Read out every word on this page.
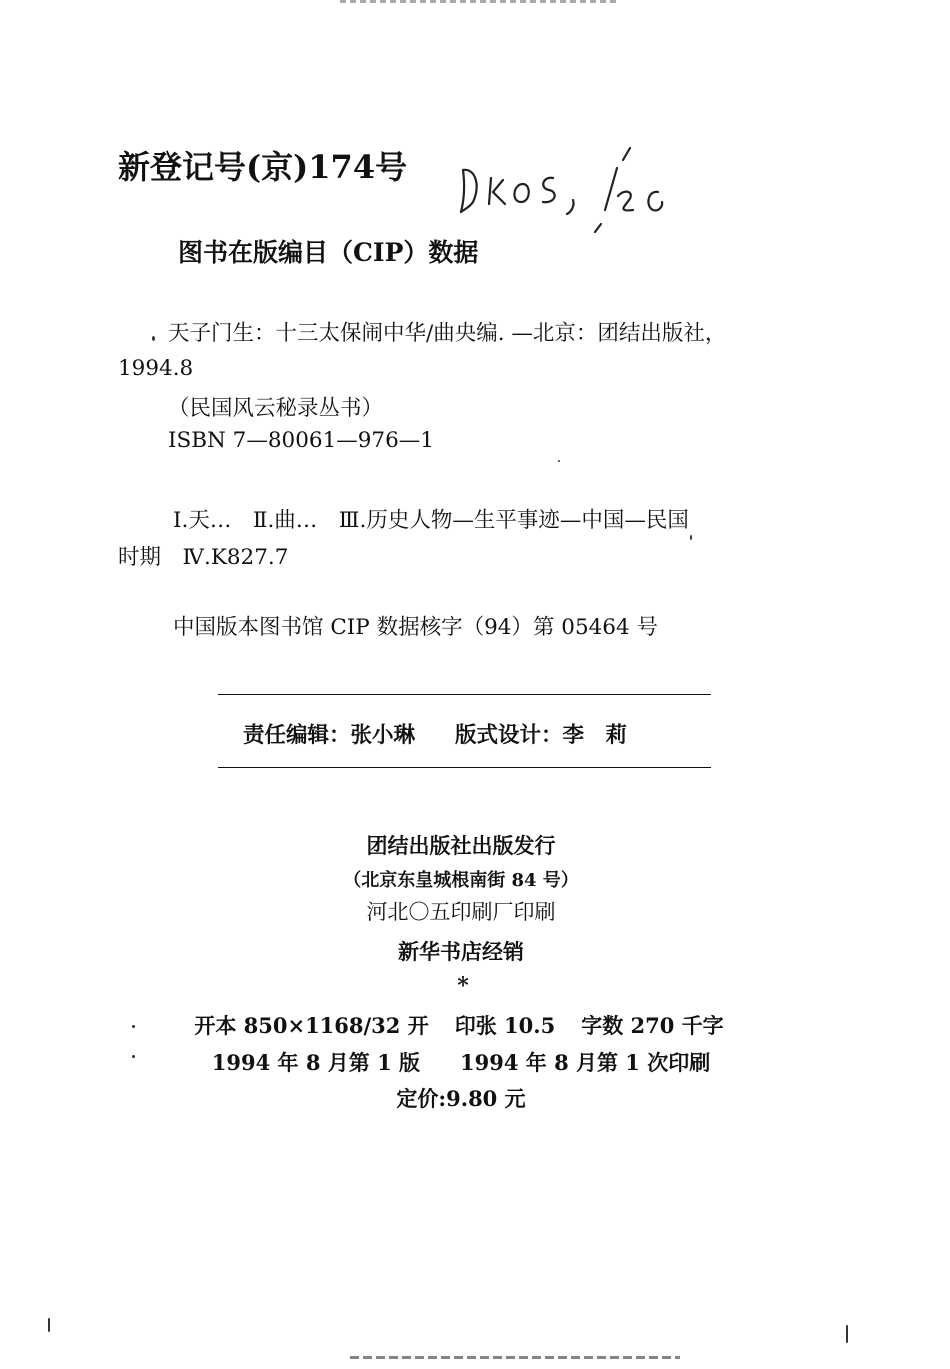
新登记号(京)174号
图书在版编目（CIP）数据
天子门生：十三太保闹中华/曲央编. —北京：团结出版社，
1994.8
（民国风云秘录丛书）
ISBN 7—80061—976—1
Ⅰ.天…　Ⅱ.曲…　Ⅲ.历史人物—生平事迹—中国—民国
时期　Ⅳ.K827.7
中国版本图书馆 CIP 数据核字（94）第 05464 号
责任编辑：张小琳 版式设计：李　莉
团结出版社出版发行
（北京东皇城根南街 84 号）
河北〇五印刷厂印刷
新华书店经销
*
开本 850×1168/32 开 印张 10.5 字数 270 千字
1994 年 8 月第 1 版 1994 年 8 月第 1 次印刷
定价:9.80 元
